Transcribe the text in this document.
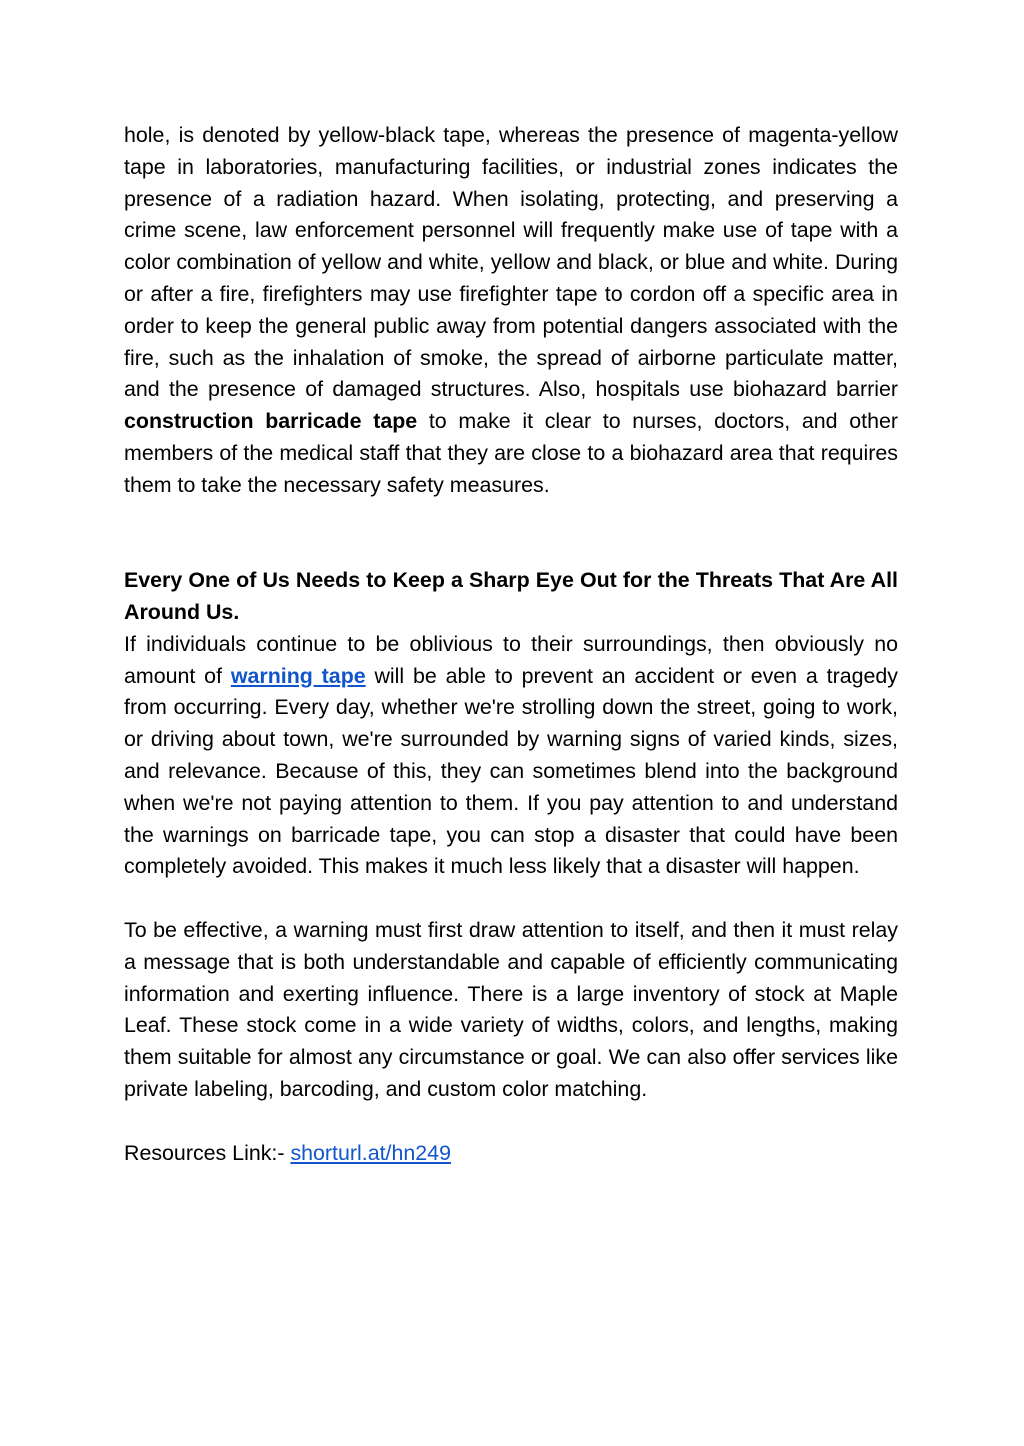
hole, is denoted by yellow-black tape, whereas the presence of magenta-yellow tape in laboratories, manufacturing facilities, or industrial zones indicates the presence of a radiation hazard. When isolating, protecting, and preserving a crime scene, law enforcement personnel will frequently make use of tape with a color combination of yellow and white, yellow and black, or blue and white. During or after a fire, firefighters may use firefighter tape to cordon off a specific area in order to keep the general public away from potential dangers associated with the fire, such as the inhalation of smoke, the spread of airborne particulate matter, and the presence of damaged structures. Also, hospitals use biohazard barrier construction barricade tape to make it clear to nurses, doctors, and other members of the medical staff that they are close to a biohazard area that requires them to take the necessary safety measures.

Every One of Us Needs to Keep a Sharp Eye Out for the Threats That Are All Around Us.

If individuals continue to be oblivious to their surroundings, then obviously no amount of warning tape will be able to prevent an accident or even a tragedy from occurring. Every day, whether we're strolling down the street, going to work, or driving about town, we're surrounded by warning signs of varied kinds, sizes, and relevance. Because of this, they can sometimes blend into the background when we're not paying attention to them. If you pay attention to and understand the warnings on barricade tape, you can stop a disaster that could have been completely avoided. This makes it much less likely that a disaster will happen.

To be effective, a warning must first draw attention to itself, and then it must relay a message that is both understandable and capable of efficiently communicating information and exerting influence. There is a large inventory of stock at Maple Leaf. These stock come in a wide variety of widths, colors, and lengths, making them suitable for almost any circumstance or goal. We can also offer services like private labeling, barcoding, and custom color matching.

Resources Link:- shorturl.at/hn249
